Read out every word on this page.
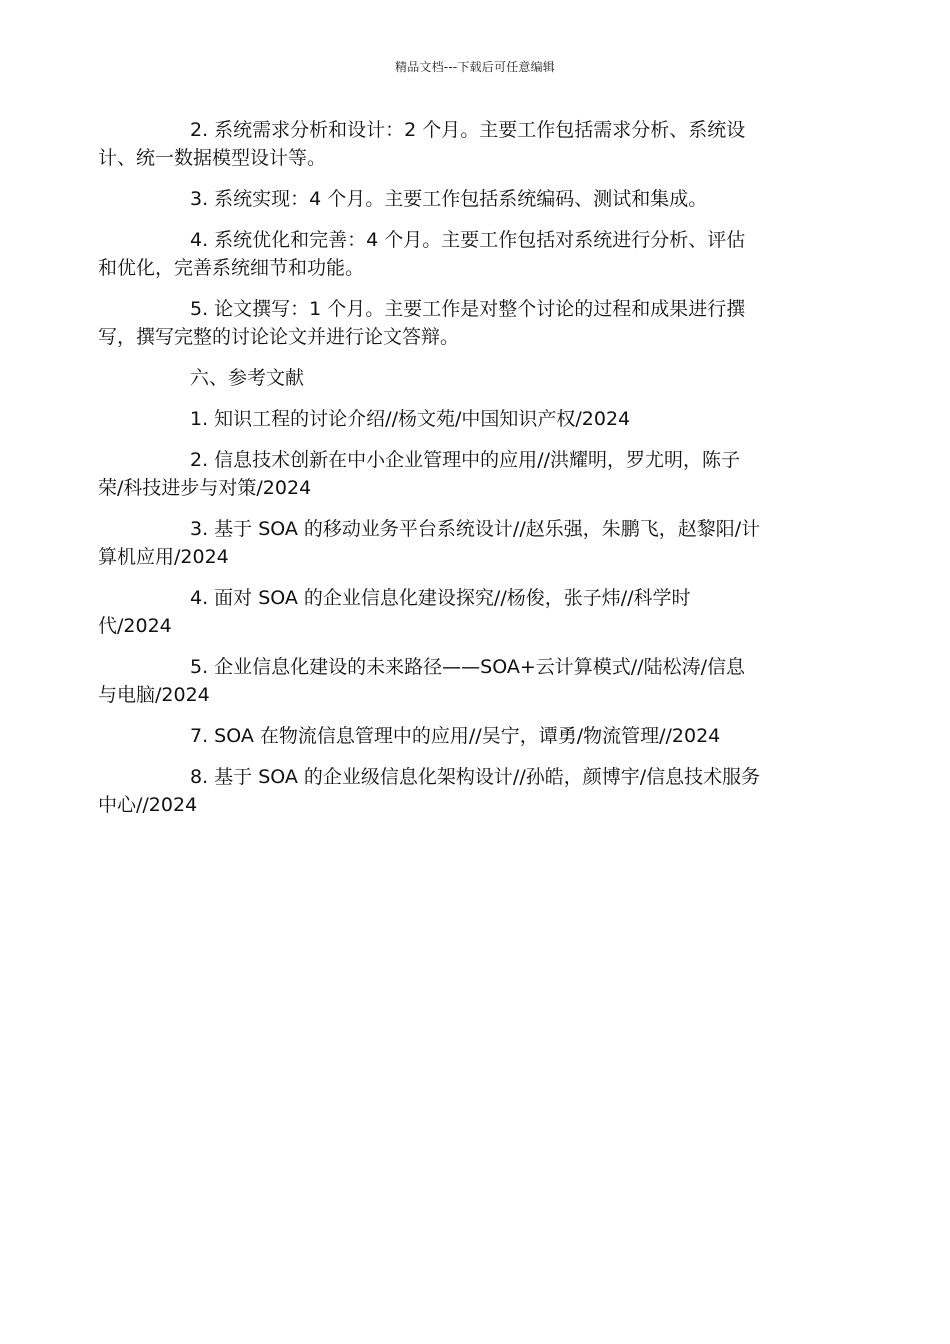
精品文档---下载后可任意编辑

2. 系统需求分析和设计：2 个月。主要工作包括需求分析、系统设
计、统一数据模型设计等。

3. 系统实现：4 个月。主要工作包括系统编码、测试和集成。

4. 系统优化和完善：4 个月。主要工作包括对系统进行分析、评估
和优化，完善系统细节和功能。

5. 论文撰写：1 个月。主要工作是对整个讨论的过程和成果进行撰
写，撰写完整的讨论论文并进行论文答辩。

六、参考文献

1. 知识工程的讨论介绍//杨文苑/中国知识产权/2024

2. 信息技术创新在中小企业管理中的应用//洪耀明，罗尤明，陈子
荣/科技进步与对策/2024

3. 基于 SOA 的移动业务平台系统设计//赵乐强，朱鹏飞，赵黎阳/计
算机应用/2024

4. 面对 SOA 的企业信息化建设探究//杨俊，张子炜//科学时
代/2024

5. 企业信息化建设的未来路径——SOA+云计算模式//陆松涛/信息
与电脑/2024

7. SOA 在物流信息管理中的应用//吴宁，谭勇/物流管理//2024

8. 基于 SOA 的企业级信息化架构设计//孙皓，颜博宇/信息技术服务
中心//2024
